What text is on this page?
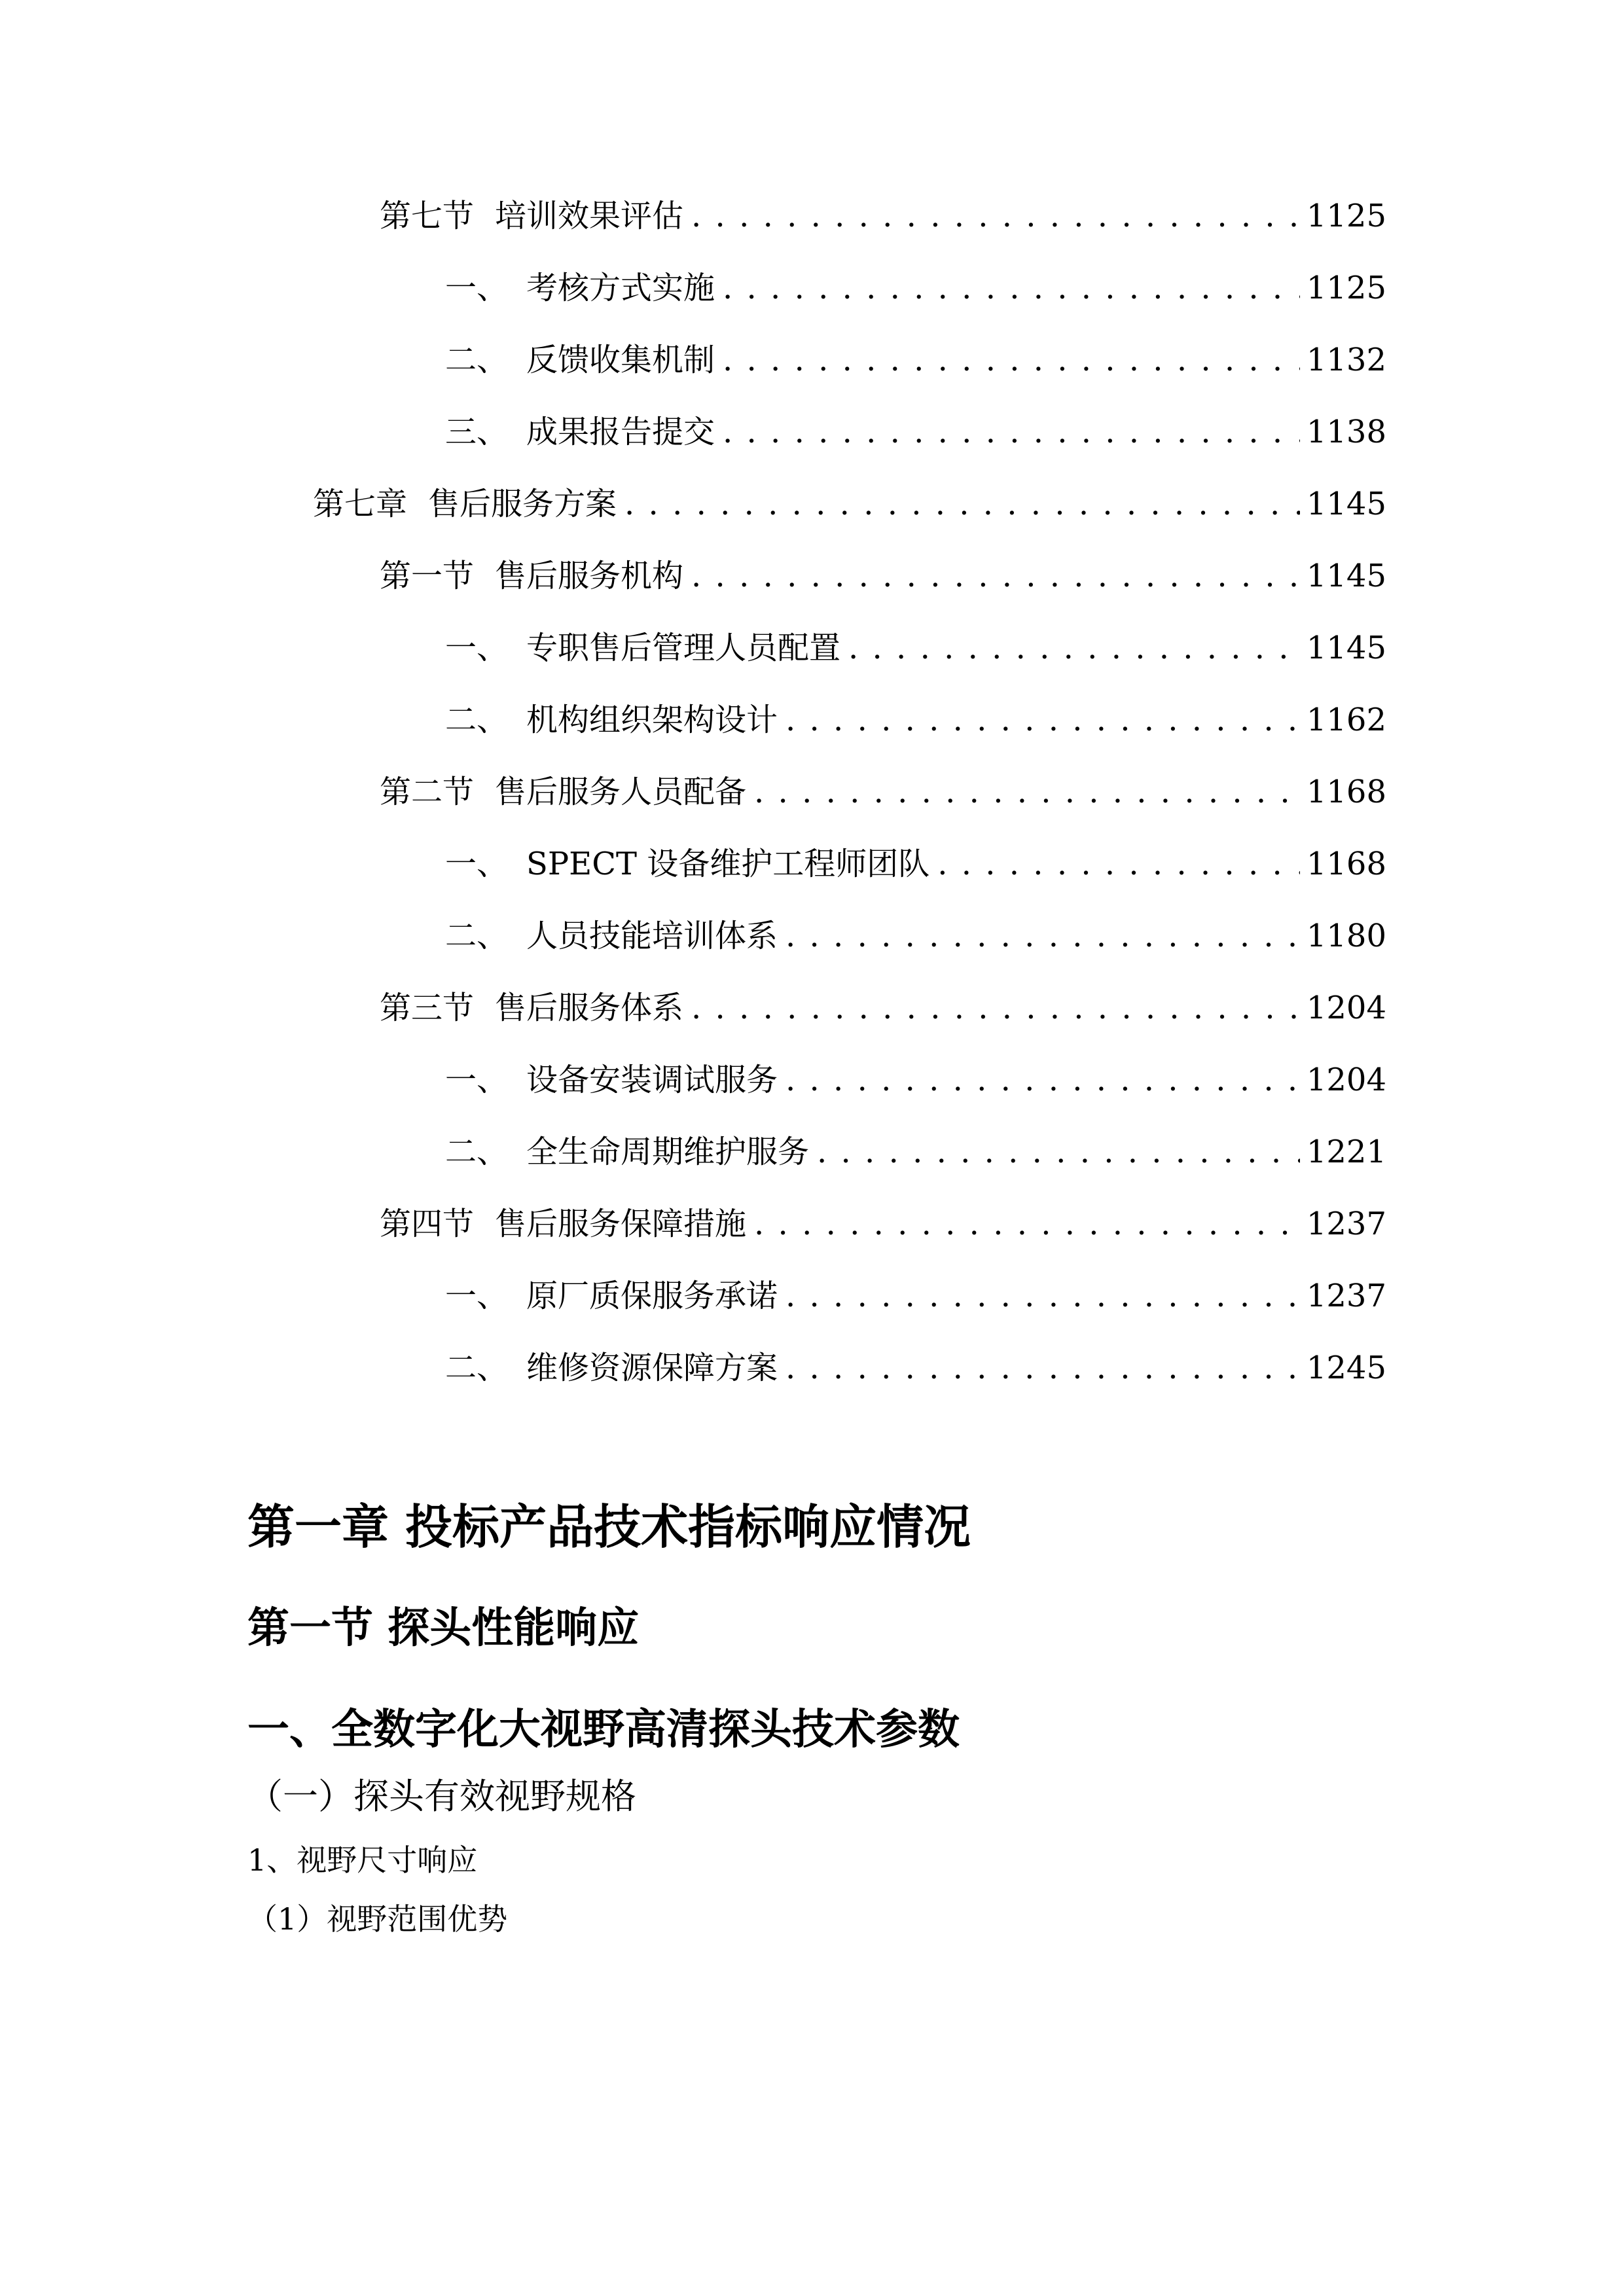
第七节 培训效果评估 . . .	1125
一、 考核方式实施 . . .	1125
二、 反馈收集机制 . . .	1132
三、 成果报告提交 . . .	1138
第七章 售后服务方案 . . .	1145
第一节 售后服务机构 . . .	1145
一、 专职售后管理人员配置 . . .	1145
二、 机构组织架构设计 . . .	1162
第二节 售后服务人员配备 . . .	1168
一、 SPECT 设备维护工程师团队 . . .	1168
二、 人员技能培训体系 . . .	1180
第三节 售后服务体系 . . .	1204
一、 设备安装调试服务 . . .	1204
二、 全生命周期维护服务 . . .	1221
第四节 售后服务保障措施 . . .	1237
一、 原厂质保服务承诺 . . .	1237
二、 维修资源保障方案 . . .	1245
第一章 投标产品技术指标响应情况
第一节 探头性能响应
一、全数字化大视野高清探头技术参数
（一）探头有效视野规格
1、视野尺寸响应
（1）视野范围优势
